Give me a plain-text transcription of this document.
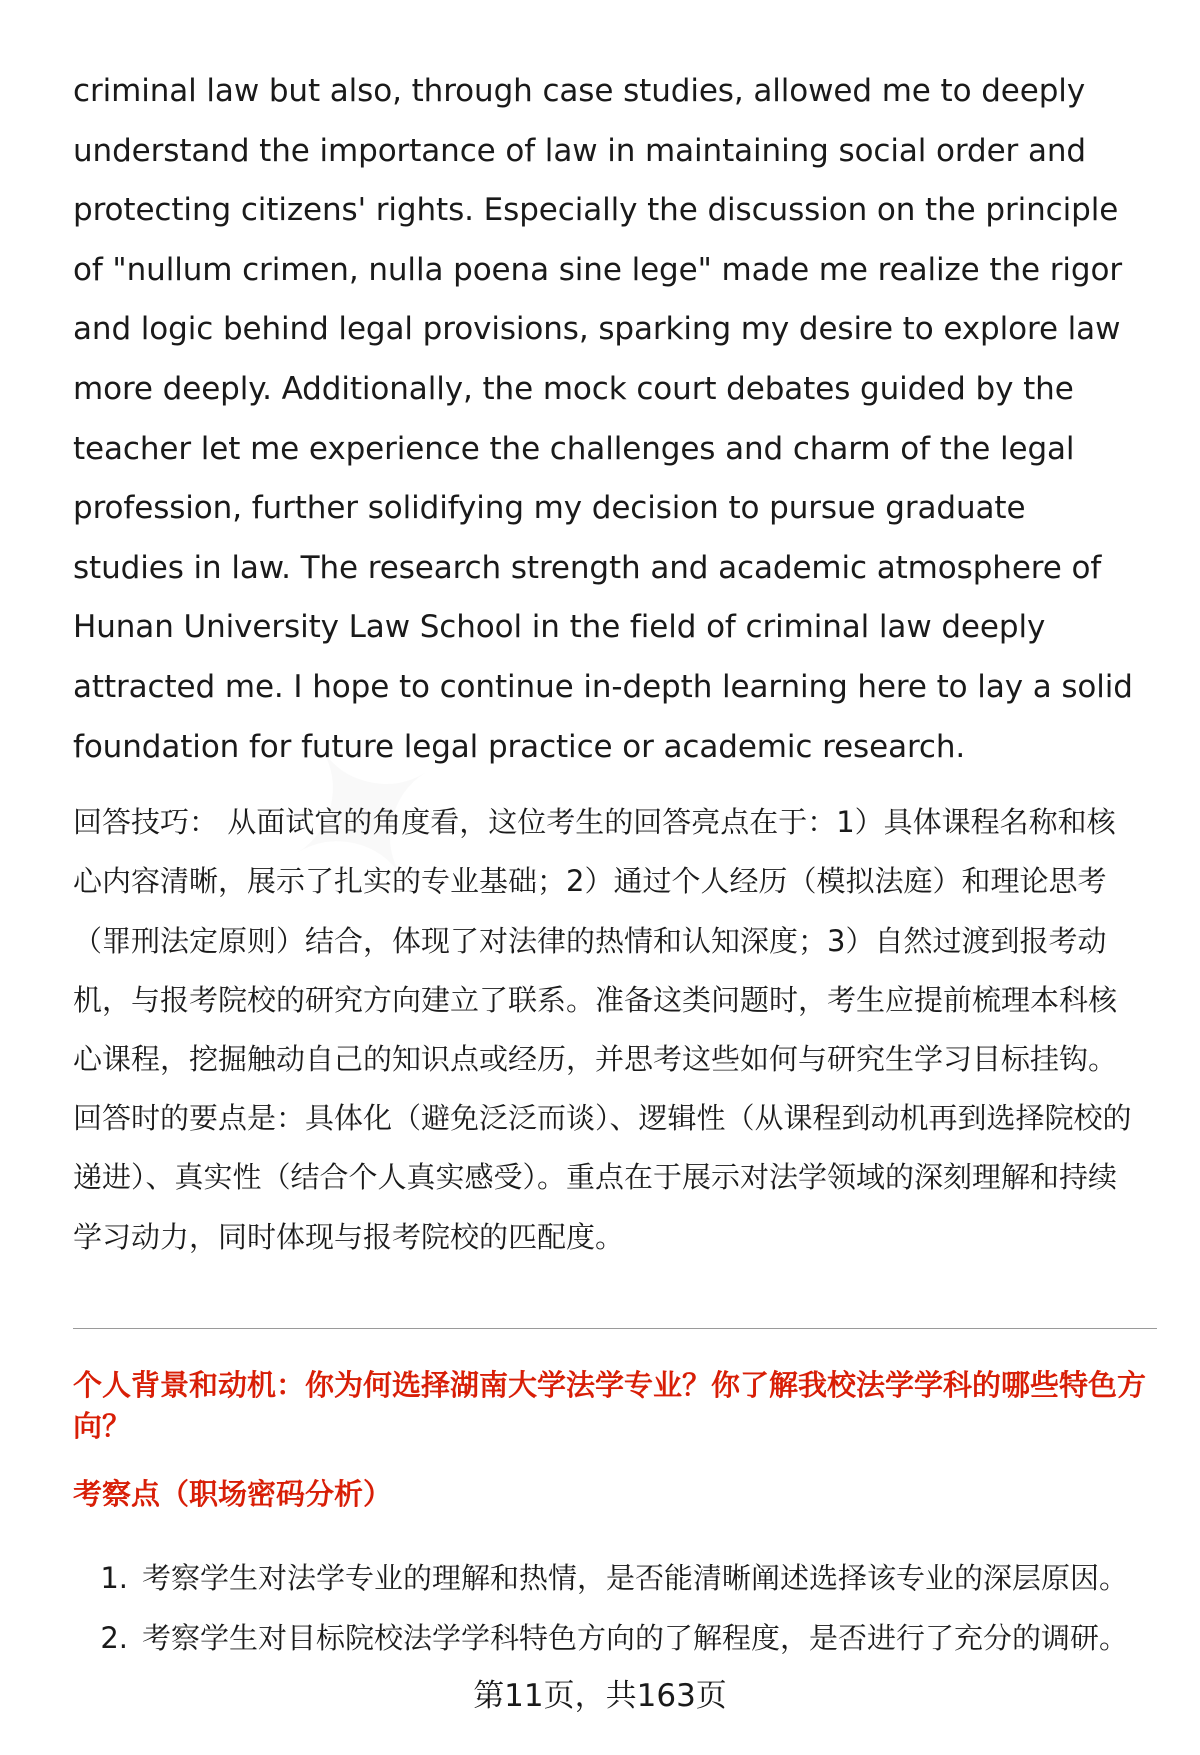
✦

criminal law but also, through case studies, allowed me to deeply understand the importance of law in maintaining social order and protecting citizens' rights. Especially the discussion on the principle of "nullum crimen, nulla poena sine lege" made me realize the rigor and logic behind legal provisions, sparking my desire to explore law more deeply. Additionally, the mock court debates guided by the teacher let me experience the challenges and charm of the legal profession, further solidifying my decision to pursue graduate studies in law. The research strength and academic atmosphere of Hunan University Law School in the field of criminal law deeply attracted me. I hope to continue in-depth learning here to lay a solid foundation for future legal practice or academic research.

回答技巧： 从面试官的角度看，这位考生的回答亮点在于：1）具体课程名称和核心内容清晰，展示了扎实的专业基础；2）通过个人经历（模拟法庭）和理论思考（罪刑法定原则）结合，体现了对法律的热情和认知深度；3）自然过渡到报考动机，与报考院校的研究方向建立了联系。准备这类问题时，考生应提前梳理本科核心课程，挖掘触动自己的知识点或经历，并思考这些如何与研究生学习目标挂钩。回答时的要点是：具体化（避免泛泛而谈）、逻辑性（从课程到动机再到选择院校的递进）、真实性（结合个人真实感受）。重点在于展示对法学领域的深刻理解和持续学习动力，同时体现与报考院校的匹配度。

个人背景和动机：你为何选择湖南大学法学专业？你了解我校法学学科的哪些特色方向？
考察点（职场密码分析）
1. 考察学生对法学专业的理解和热情，是否能清晰阐述选择该专业的深层原因。
2. 考察学生对目标院校法学学科特色方向的了解程度，是否进行了充分的调研。
第11页，共163页
